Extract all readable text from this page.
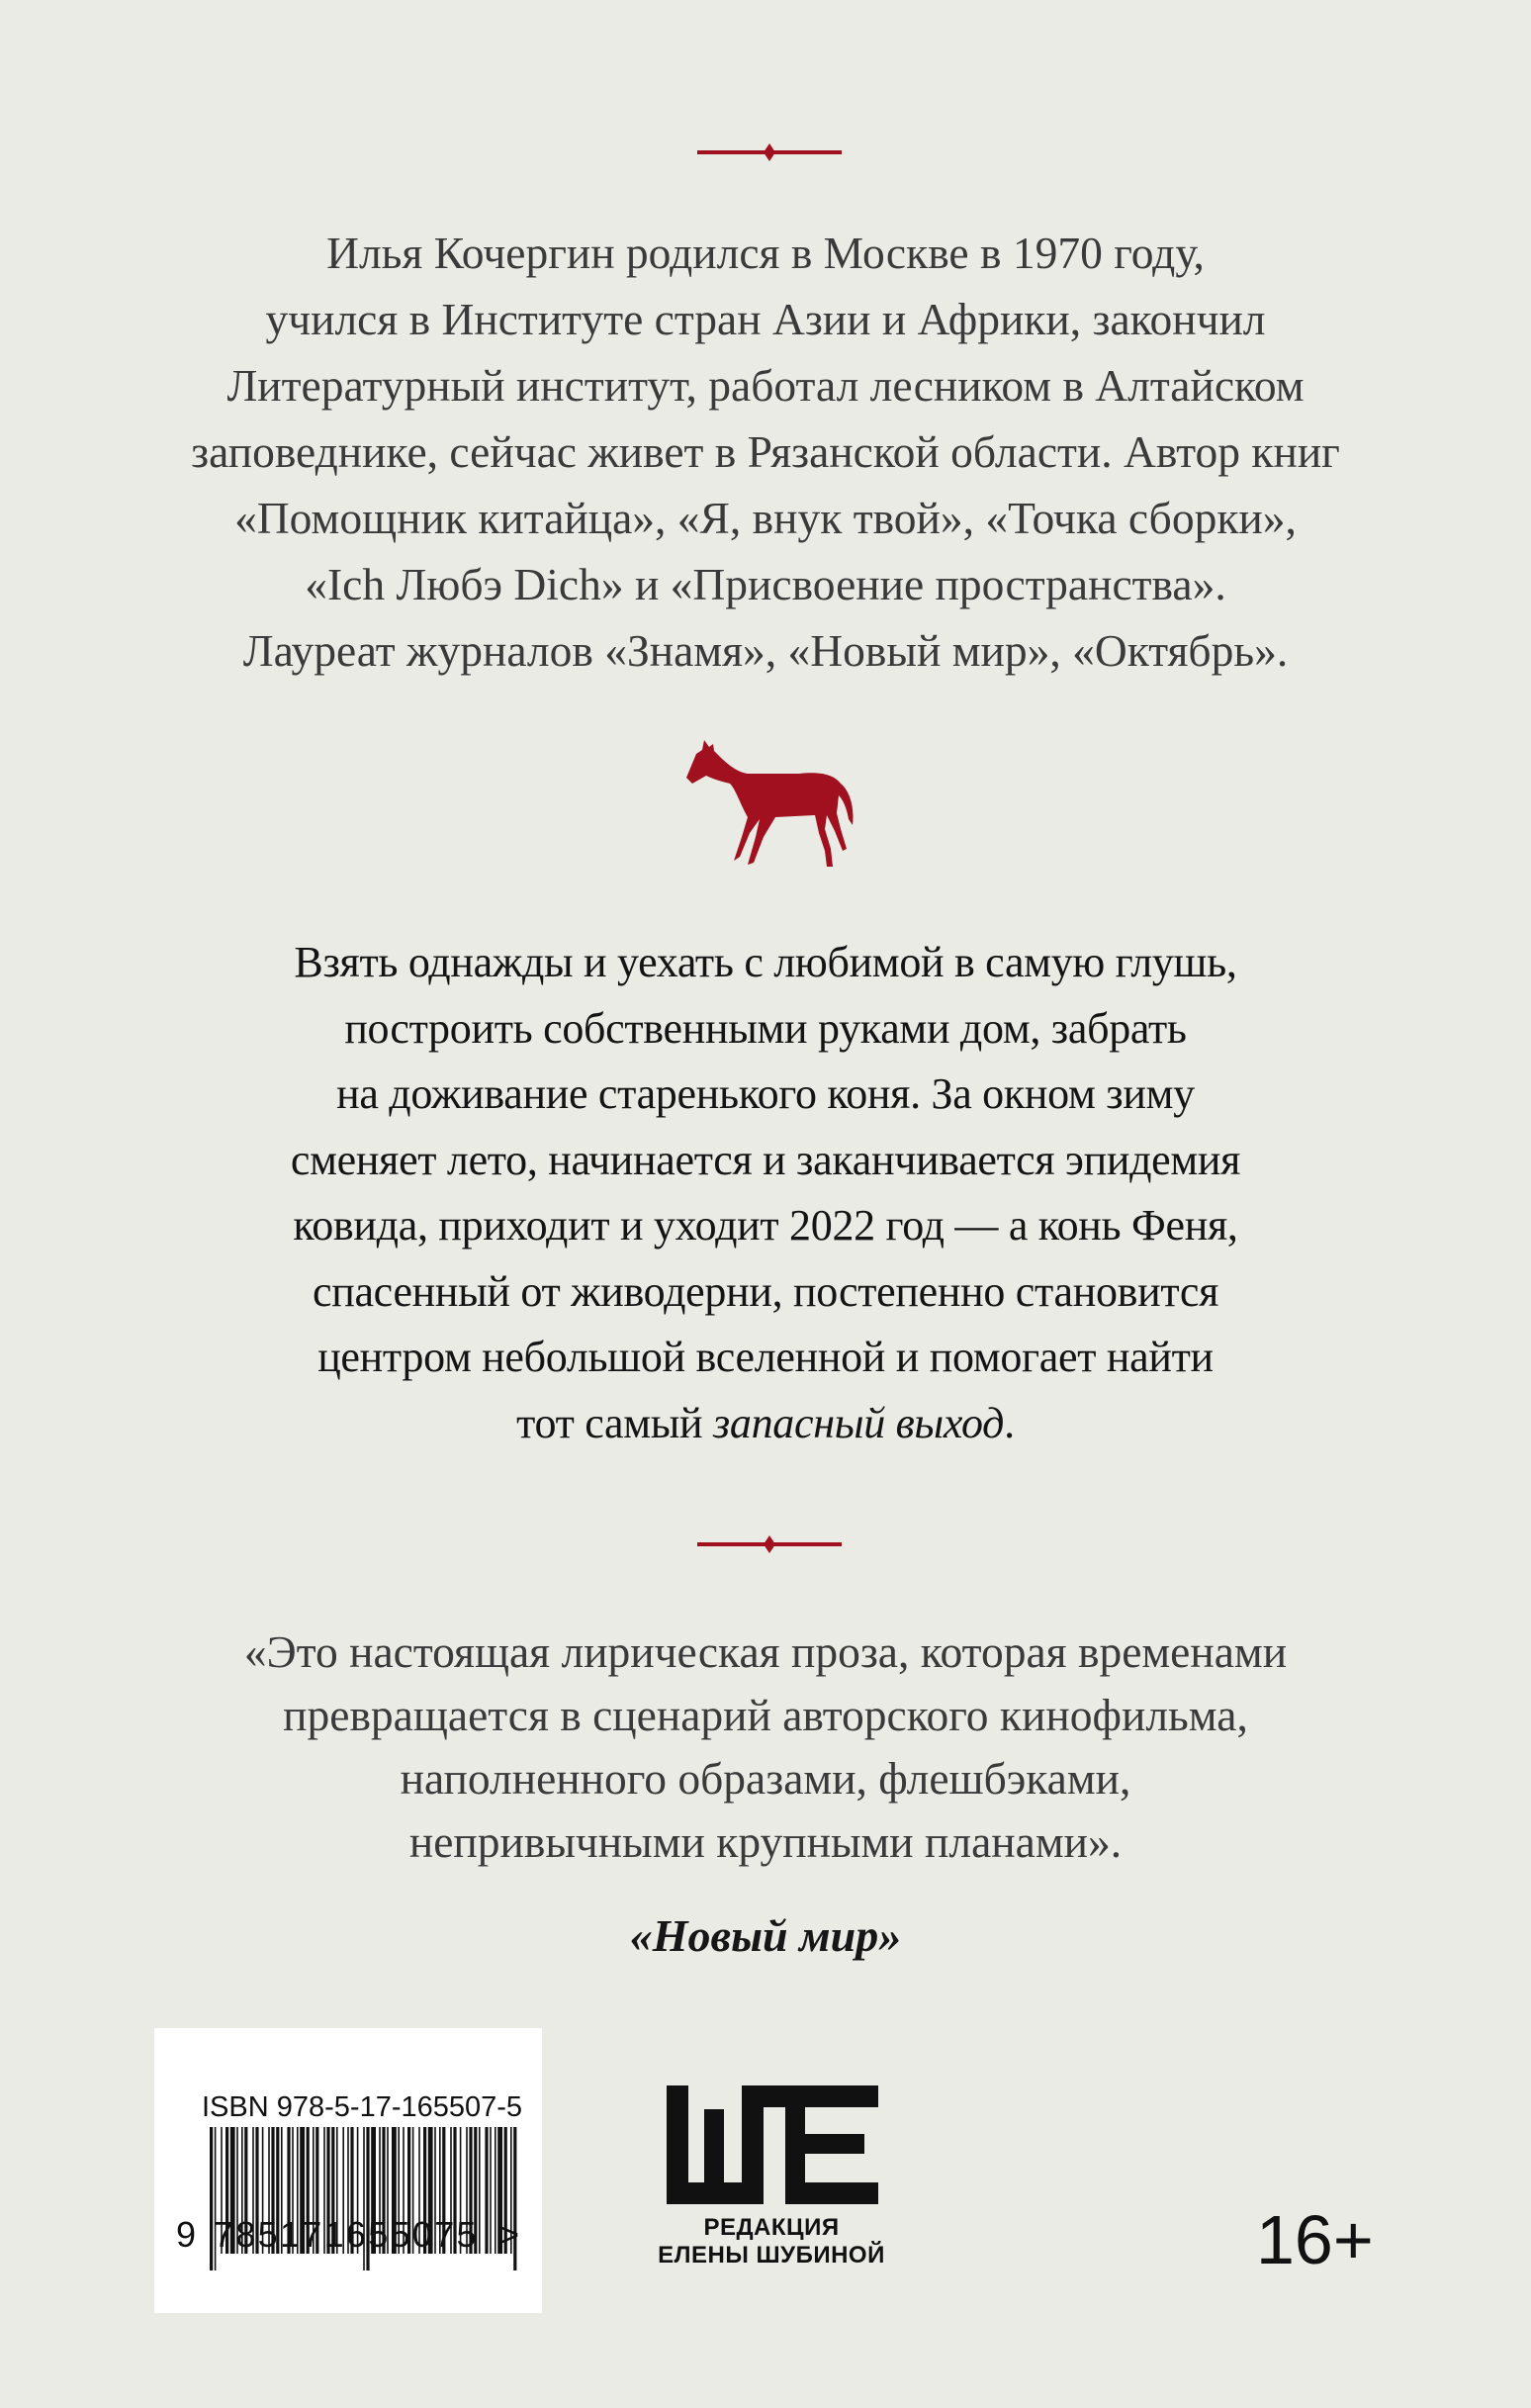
Илья Кочергин родился в Москве в 1970 году,
учился в Институте стран Азии и Африки, закончил
Литературный институт, работал лесником в Алтайском
заповеднике, сейчас живет в Рязанской области. Автор книг
«Помощник китайца», «Я, внук твой», «Точка сборки»,
«Ich Любэ Dich» и «Присвоение пространства».
Лауреат журналов «Знамя», «Новый мир», «Октябрь».
Взять однажды и уехать с любимой в самую глушь,
построить собственными руками дом, забрать
на доживание старенького коня. За окном зиму
сменяет лето, начинается и заканчивается эпидемия
ковида, приходит и уходит 2022 год — а конь Феня,
спасенный от живодерни, постепенно становится
центром небольшой вселенной и помогает найти
тот самый запасный выход.
«Это настоящая лирическая проза, которая временами
превращается в сценарий авторского кинофильма,
наполненного образами, флешбэками,
непривычными крупными планами».
«Новый мир»
ISBN 978-5-17-165507-5
9 785171655075 >	РЕДАКЦИЯ
ЕЛЕНЫ ШУБИНОЙ	16+
